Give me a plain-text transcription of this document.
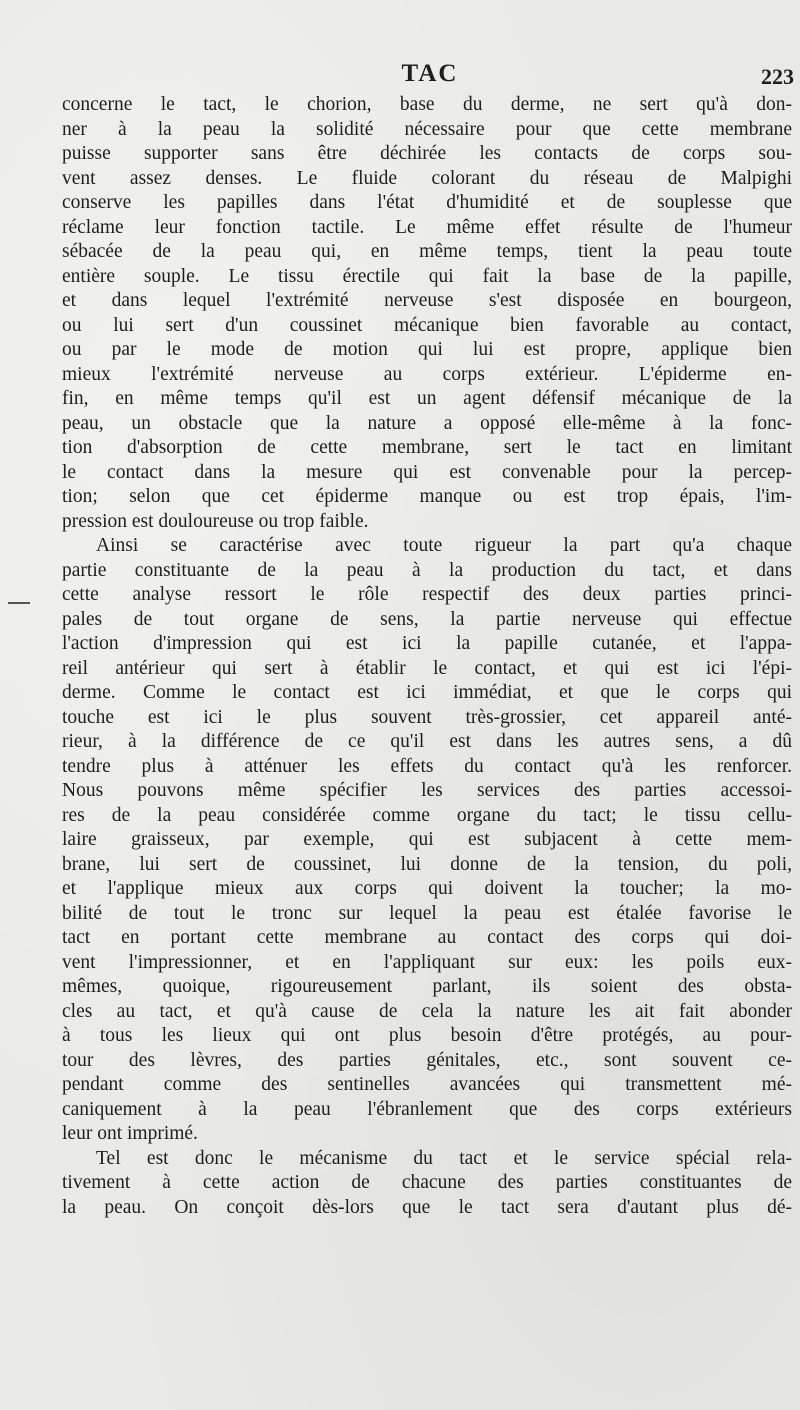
TAC	223
concerne le tact, le chorion, base du derme, ne sert qu'à don-
ner à la peau la solidité nécessaire pour que cette membrane
puisse supporter sans être déchirée les contacts de corps sou-
vent assez denses. Le fluide colorant du réseau de Malpighi
conserve les papilles dans l'état d'humidité et de souplesse que
réclame leur fonction tactile. Le même effet résulte de l'humeur
sébacée de la peau qui, en même temps, tient la peau toute
entière souple. Le tissu érectile qui fait la base de la papille,
et dans lequel l'extrémité nerveuse s'est disposée en bourgeon,
ou lui sert d'un coussinet mécanique bien favorable au contact,
ou par le mode de motion qui lui est propre, applique bien
mieux l'extrémité nerveuse au corps extérieur. L'épiderme en-
fin, en même temps qu'il est un agent défensif mécanique de la
peau, un obstacle que la nature a opposé elle-même à la fonc-
tion d'absorption de cette membrane, sert le tact en limitant
le contact dans la mesure qui est convenable pour la percep-
tion; selon que cet épiderme manque ou est trop épais, l'im-
pression est douloureuse ou trop faible.
Ainsi se caractérise avec toute rigueur la part qu'a chaque
partie constituante de la peau à la production du tact, et dans
cette analyse ressort le rôle respectif des deux parties princi-
pales de tout organe de sens, la partie nerveuse qui effectue
l'action d'impression qui est ici la papille cutanée, et l'appa-
reil antérieur qui sert à établir le contact, et qui est ici l'épi-
derme. Comme le contact est ici immédiat, et que le corps qui
touche est ici le plus souvent très-grossier, cet appareil anté-
rieur, à la différence de ce qu'il est dans les autres sens, a dû
tendre plus à atténuer les effets du contact qu'à les renforcer.
Nous pouvons même spécifier les services des parties accessoi-
res de la peau considérée comme organe du tact; le tissu cellu-
laire graisseux, par exemple, qui est subjacent à cette mem-
brane, lui sert de coussinet, lui donne de la tension, du poli,
et l'applique mieux aux corps qui doivent la toucher; la mo-
bilité de tout le tronc sur lequel la peau est étalée favorise le
tact en portant cette membrane au contact des corps qui doi-
vent l'impressionner, et en l'appliquant sur eux: les poils eux-
mêmes, quoique, rigoureusement parlant, ils soient des obsta-
cles au tact, et qu'à cause de cela la nature les ait fait abonder
à tous les lieux qui ont plus besoin d'être protégés, au pour-
tour des lèvres, des parties génitales, etc., sont souvent ce-
pendant comme des sentinelles avancées qui transmettent mé-
caniquement à la peau l'ébranlement que des corps extérieurs
leur ont imprimé.
Tel est donc le mécanisme du tact et le service spécial rela-
tivement à cette action de chacune des parties constituantes de
la peau. On conçoit dès-lors que le tact sera d'autant plus dé-
